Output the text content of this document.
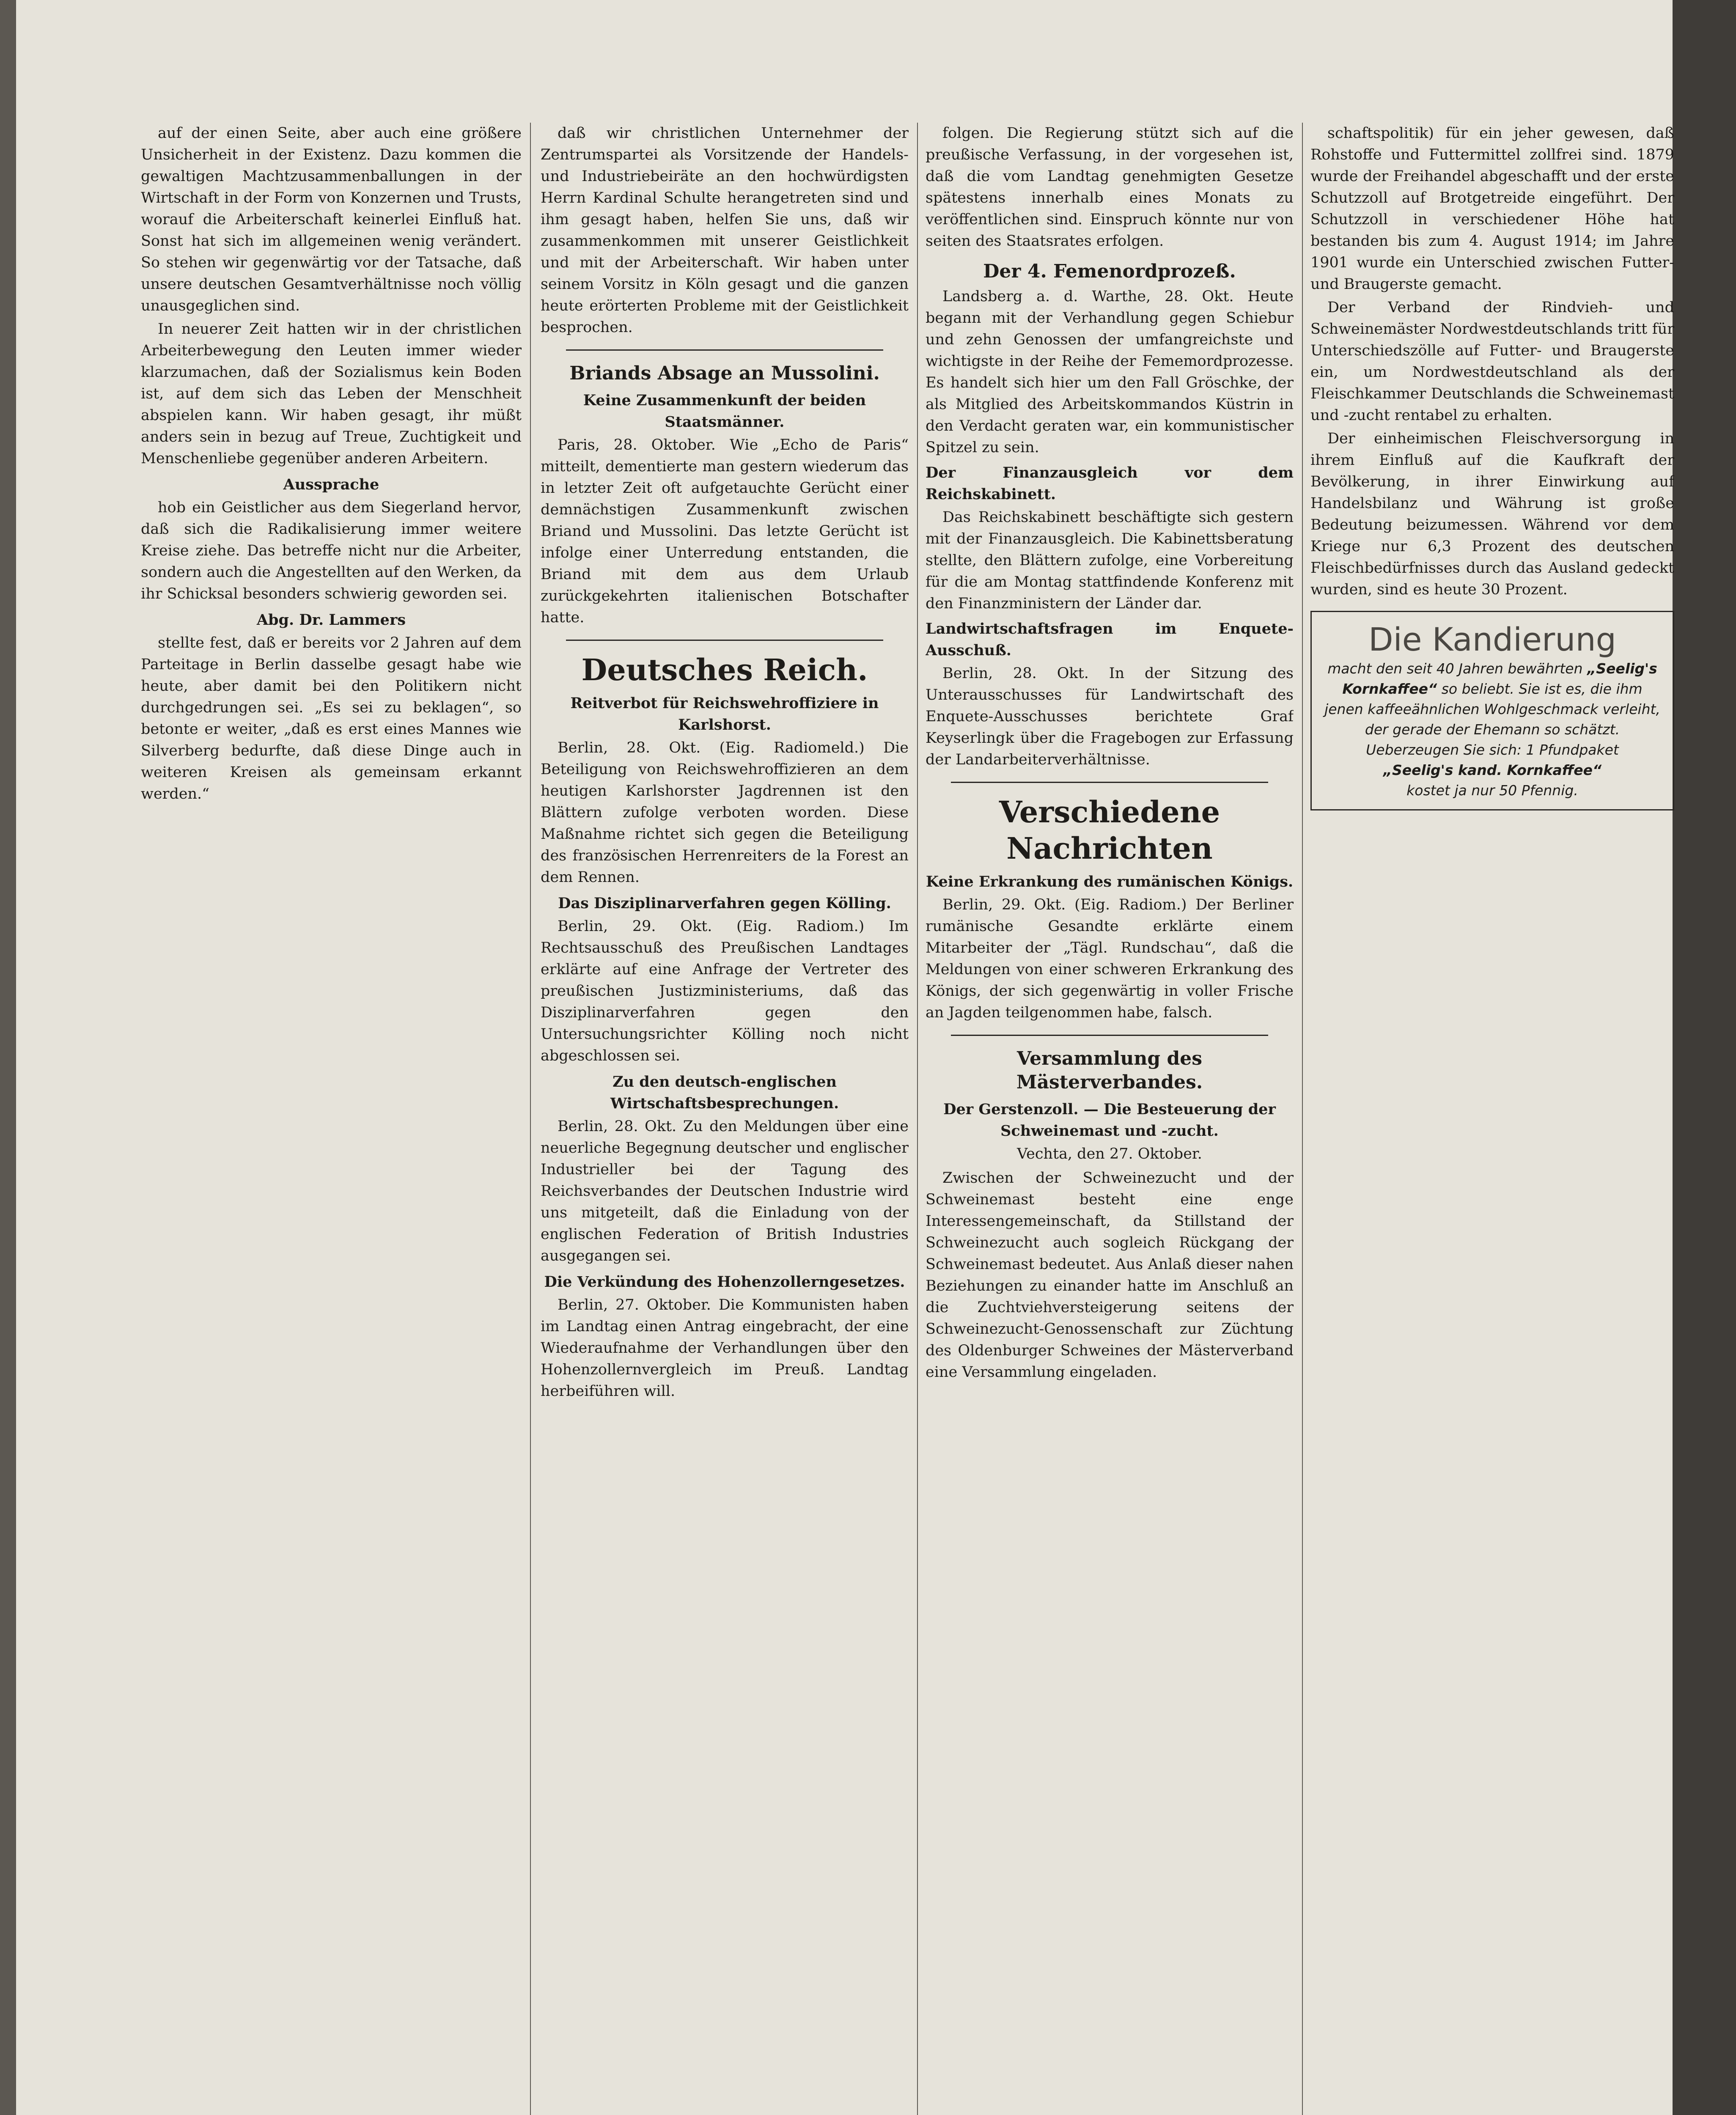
auf der einen Seite, aber auch eine größere Unsicherheit in der Existenz. Dazu kommen die gewaltigen Machtzusammenballungen in der Wirtschaft in der Form von Konzernen und Trusts, worauf die Arbeiterschaft keinerlei Einfluß hat. Sonst hat sich im allgemeinen wenig verändert. So stehen wir gegenwärtig vor der Tatsache, daß unsere deutschen Gesamtverhältnisse noch völlig unausgeglichen sind.

In neuerer Zeit hatten wir in der christlichen Arbeiterbewegung den Leuten immer wieder klarzumachen, daß der Sozialismus kein Boden ist, auf dem sich das Leben der Menschheit abspielen kann. Wir haben gesagt, ihr müßt anders sein in bezug auf Treue, Zuchtigkeit und Menschenliebe gegenüber anderen Arbeitern.

Aussprache

hob ein Geistlicher aus dem Siegerland hervor, daß sich die Radikalisierung immer weitere Kreise ziehe. Das betreffe nicht nur die Arbeiter, sondern auch die Angestellten auf den Werken, da ihr Schicksal besonders schwierig geworden sei.

Abg. Dr. Lammers

stellte fest, daß er bereits vor 2 Jahren auf dem Parteitage in Berlin dasselbe gesagt habe wie heute, aber damit bei den Politikern nicht durchgedrungen sei. „Es sei zu beklagen“, so betonte er weiter, „daß es erst eines Mannes wie Silverberg bedurfte, daß diese Dinge auch in weiteren Kreisen als gemeinsam erkannt werden.“

daß wir christlichen Unternehmer der Zentrumspartei als Vorsitzende der Handels- und Industriebeiräte an den hochwürdigsten Herrn Kardinal Schulte herangetreten sind und ihm gesagt haben, helfen Sie uns, daß wir zusammenkommen mit unserer Geistlichkeit und mit der Arbeiterschaft. Wir haben unter seinem Vorsitz in Köln gesagt und die ganzen heute erörterten Probleme mit der Geistlichkeit besprochen.

Briands Absage an Mussolini.
Keine Zusammenkunft der beiden Staatsmänner.

Paris, 28. Oktober. Wie „Echo de Paris“ mitteilt, dementierte man gestern wiederum das in letzter Zeit oft aufgetauchte Gerücht einer demnächstigen Zusammenkunft zwischen Briand und Mussolini. Das letzte Gerücht ist infolge einer Unterredung entstanden, die Briand mit dem aus dem Urlaub zurückgekehrten italienischen Botschafter hatte.

Deutsches Reich.
Reitverbot für Reichswehroffiziere in Karlshorst.

Berlin, 28. Okt. (Eig. Radiomeld.) Die Beteiligung von Reichswehroffizieren an dem heutigen Karlshorster Jagdrennen ist den Blättern zufolge verboten worden. Diese Maßnahme richtet sich gegen die Beteiligung des französischen Herrenreiters de la Forest an dem Rennen.

Das Disziplinarverfahren gegen Kölling.

Berlin, 29. Okt. (Eig. Radiom.) Im Rechtsausschuß des Preußischen Landtages erklärte auf eine Anfrage der Vertreter des preußischen Justizministeriums, daß das Disziplinarverfahren gegen den Untersuchungsrichter Kölling noch nicht abgeschlossen sei.

Zu den deutsch-englischen Wirtschaftsbesprechungen.

Berlin, 28. Okt. Zu den Meldungen über eine neuerliche Begegnung deutscher und englischer Industrieller bei der Tagung des Reichsverbandes der Deutschen Industrie wird uns mitgeteilt, daß die Einladung von der englischen Federation of British Industries ausgegangen sei.

Die Verkündung des Hohenzollerngesetzes.

Berlin, 27. Oktober. Die Kommunisten haben im Landtag einen Antrag eingebracht, der eine Wiederaufnahme der Verhandlungen über den Hohenzollernvergleich im Preuß. Landtag herbeiführen will.

folgen. Die Regierung stützt sich auf die preußische Verfassung, in der vorgesehen ist, daß die vom Landtag genehmigten Gesetze spätestens innerhalb eines Monats zu veröffentlichen sind. Einspruch könnte nur von seiten des Staatsrates erfolgen.

Der 4. Femenordprozeß.

Landsberg a. d. Warthe, 28. Okt. Heute begann mit der Verhandlung gegen Schiebur und zehn Genossen der umfangreichste und wichtigste in der Reihe der Fememordprozesse. Es handelt sich hier um den Fall Gröschke, der als Mitglied des Arbeitskommandos Küstrin in den Verdacht geraten war, ein kommunistischer Spitzel zu sein.

Der Finanzausgleich vor dem Reichskabinett.

Das Reichskabinett beschäftigte sich gestern mit der Finanzausgleich. Die Kabinettsberatung stellte, den Blättern zufolge, eine Vorbereitung für die am Montag stattfindende Konferenz mit den Finanzministern der Länder dar.

Landwirtschaftsfragen im Enquete-Ausschuß.

Berlin, 28. Okt. In der Sitzung des Unterausschusses für Landwirtschaft des Enquete-Ausschusses berichtete Graf Keyserlingk über die Fragebogen zur Erfassung der Landarbeiterverhältnisse.

Verschiedene Nachrichten
Keine Erkrankung des rumänischen Königs.

Berlin, 29. Okt. (Eig. Radiom.) Der Berliner rumänische Gesandte erklärte einem Mitarbeiter der „Tägl. Rundschau“, daß die Meldungen von einer schweren Erkrankung des Königs, der sich gegenwärtig in voller Frische an Jagden teilgenommen habe, falsch.

Versammlung des Mästerverbandes.
Der Gerstenzoll. — Die Besteuerung der Schweinemast und -zucht.
Vechta, den 27. Oktober.

Zwischen der Schweinezucht und der Schweinemast besteht eine enge Interessengemeinschaft, da Stillstand der Schweinezucht auch sogleich Rückgang der Schweinemast bedeutet. Aus Anlaß dieser nahen Beziehungen zu einander hatte im Anschluß an die Zuchtviehversteigerung seitens der Schweinezucht-Genossenschaft zur Züchtung des Oldenburger Schweines der Mästerverband eine Versammlung eingeladen.

schaftspolitik) für ein jeher gewesen, daß Rohstoffe und Futtermittel zollfrei sind. 1879 wurde der Freihandel abgeschafft und der erste Schutzzoll auf Brotgetreide eingeführt. Der Schutzzoll in verschiedener Höhe hat bestanden bis zum 4. August 1914; im Jahre 1901 wurde ein Unterschied zwischen Futter- und Braugerste gemacht.

Der Verband der Rindvieh- und Schweinemäster Nordwestdeutschlands tritt für Unterschiedszölle auf Futter- und Braugerste ein, um Nordwestdeutschland als der Fleischkammer Deutschlands die Schweinemast und -zucht rentabel zu erhalten.

Der einheimischen Fleischversorgung in ihrem Einfluß auf die Kaufkraft der Bevölkerung, in ihrer Einwirkung auf Handelsbilanz und Währung ist große Bedeutung beizumessen. Während vor dem Kriege nur 6,3 Prozent des deutschen Fleischbedürfnisses durch das Ausland gedeckt wurden, sind es heute 30 Prozent.

Die Kandierung
macht den seit 40 Jahren bewährten „Seelig's Kornkaffee“ so beliebt. Sie ist es, die ihm jenen kaffeeähnlichen Wohlgeschmack verleiht, der gerade der Ehemann so schätzt. Ueberzeugen Sie sich: 1 Pfundpaket
„Seelig's kand. Kornkaffee“
kostet ja nur 50 Pfennig.
